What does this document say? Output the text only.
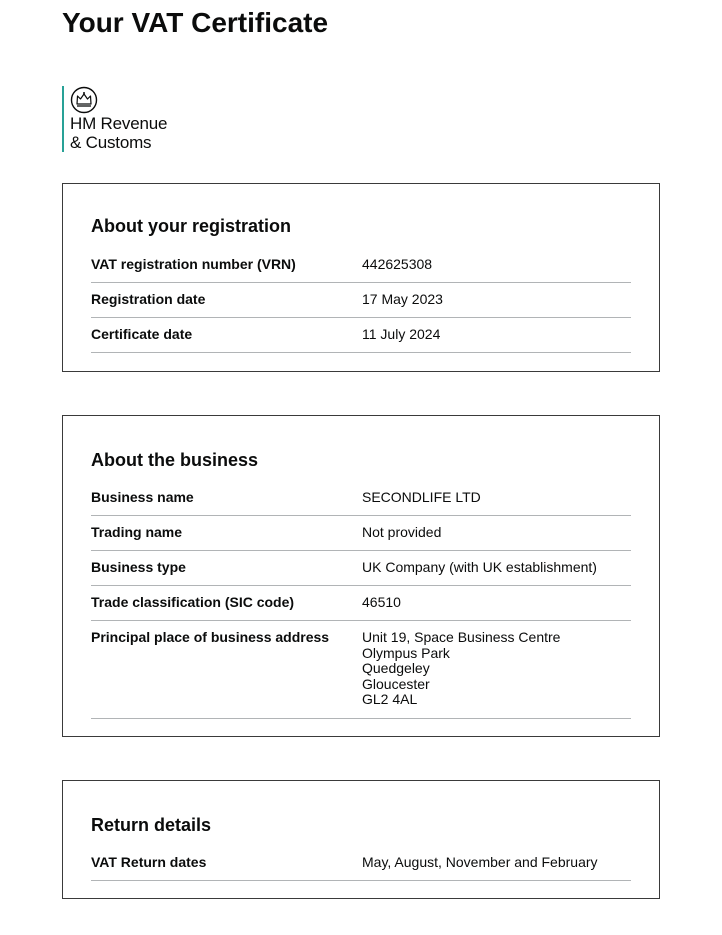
Your VAT Certificate
HM Revenue
& Customs
About your registration
VAT registration number (VRN)	442625308
Registration date	17 May 2023
Certificate date	11 July 2024
About the business
Business name	SECONDLIFE LTD
Trading name	Not provided
Business type	UK Company (with UK establishment)
Trade classification (SIC code)	46510
Principal place of business address	Unit 19, Space Business Centre
Olympus Park
Quedgeley
Gloucester
GL2 4AL
Return details
VAT Return dates	May, August, November and February
